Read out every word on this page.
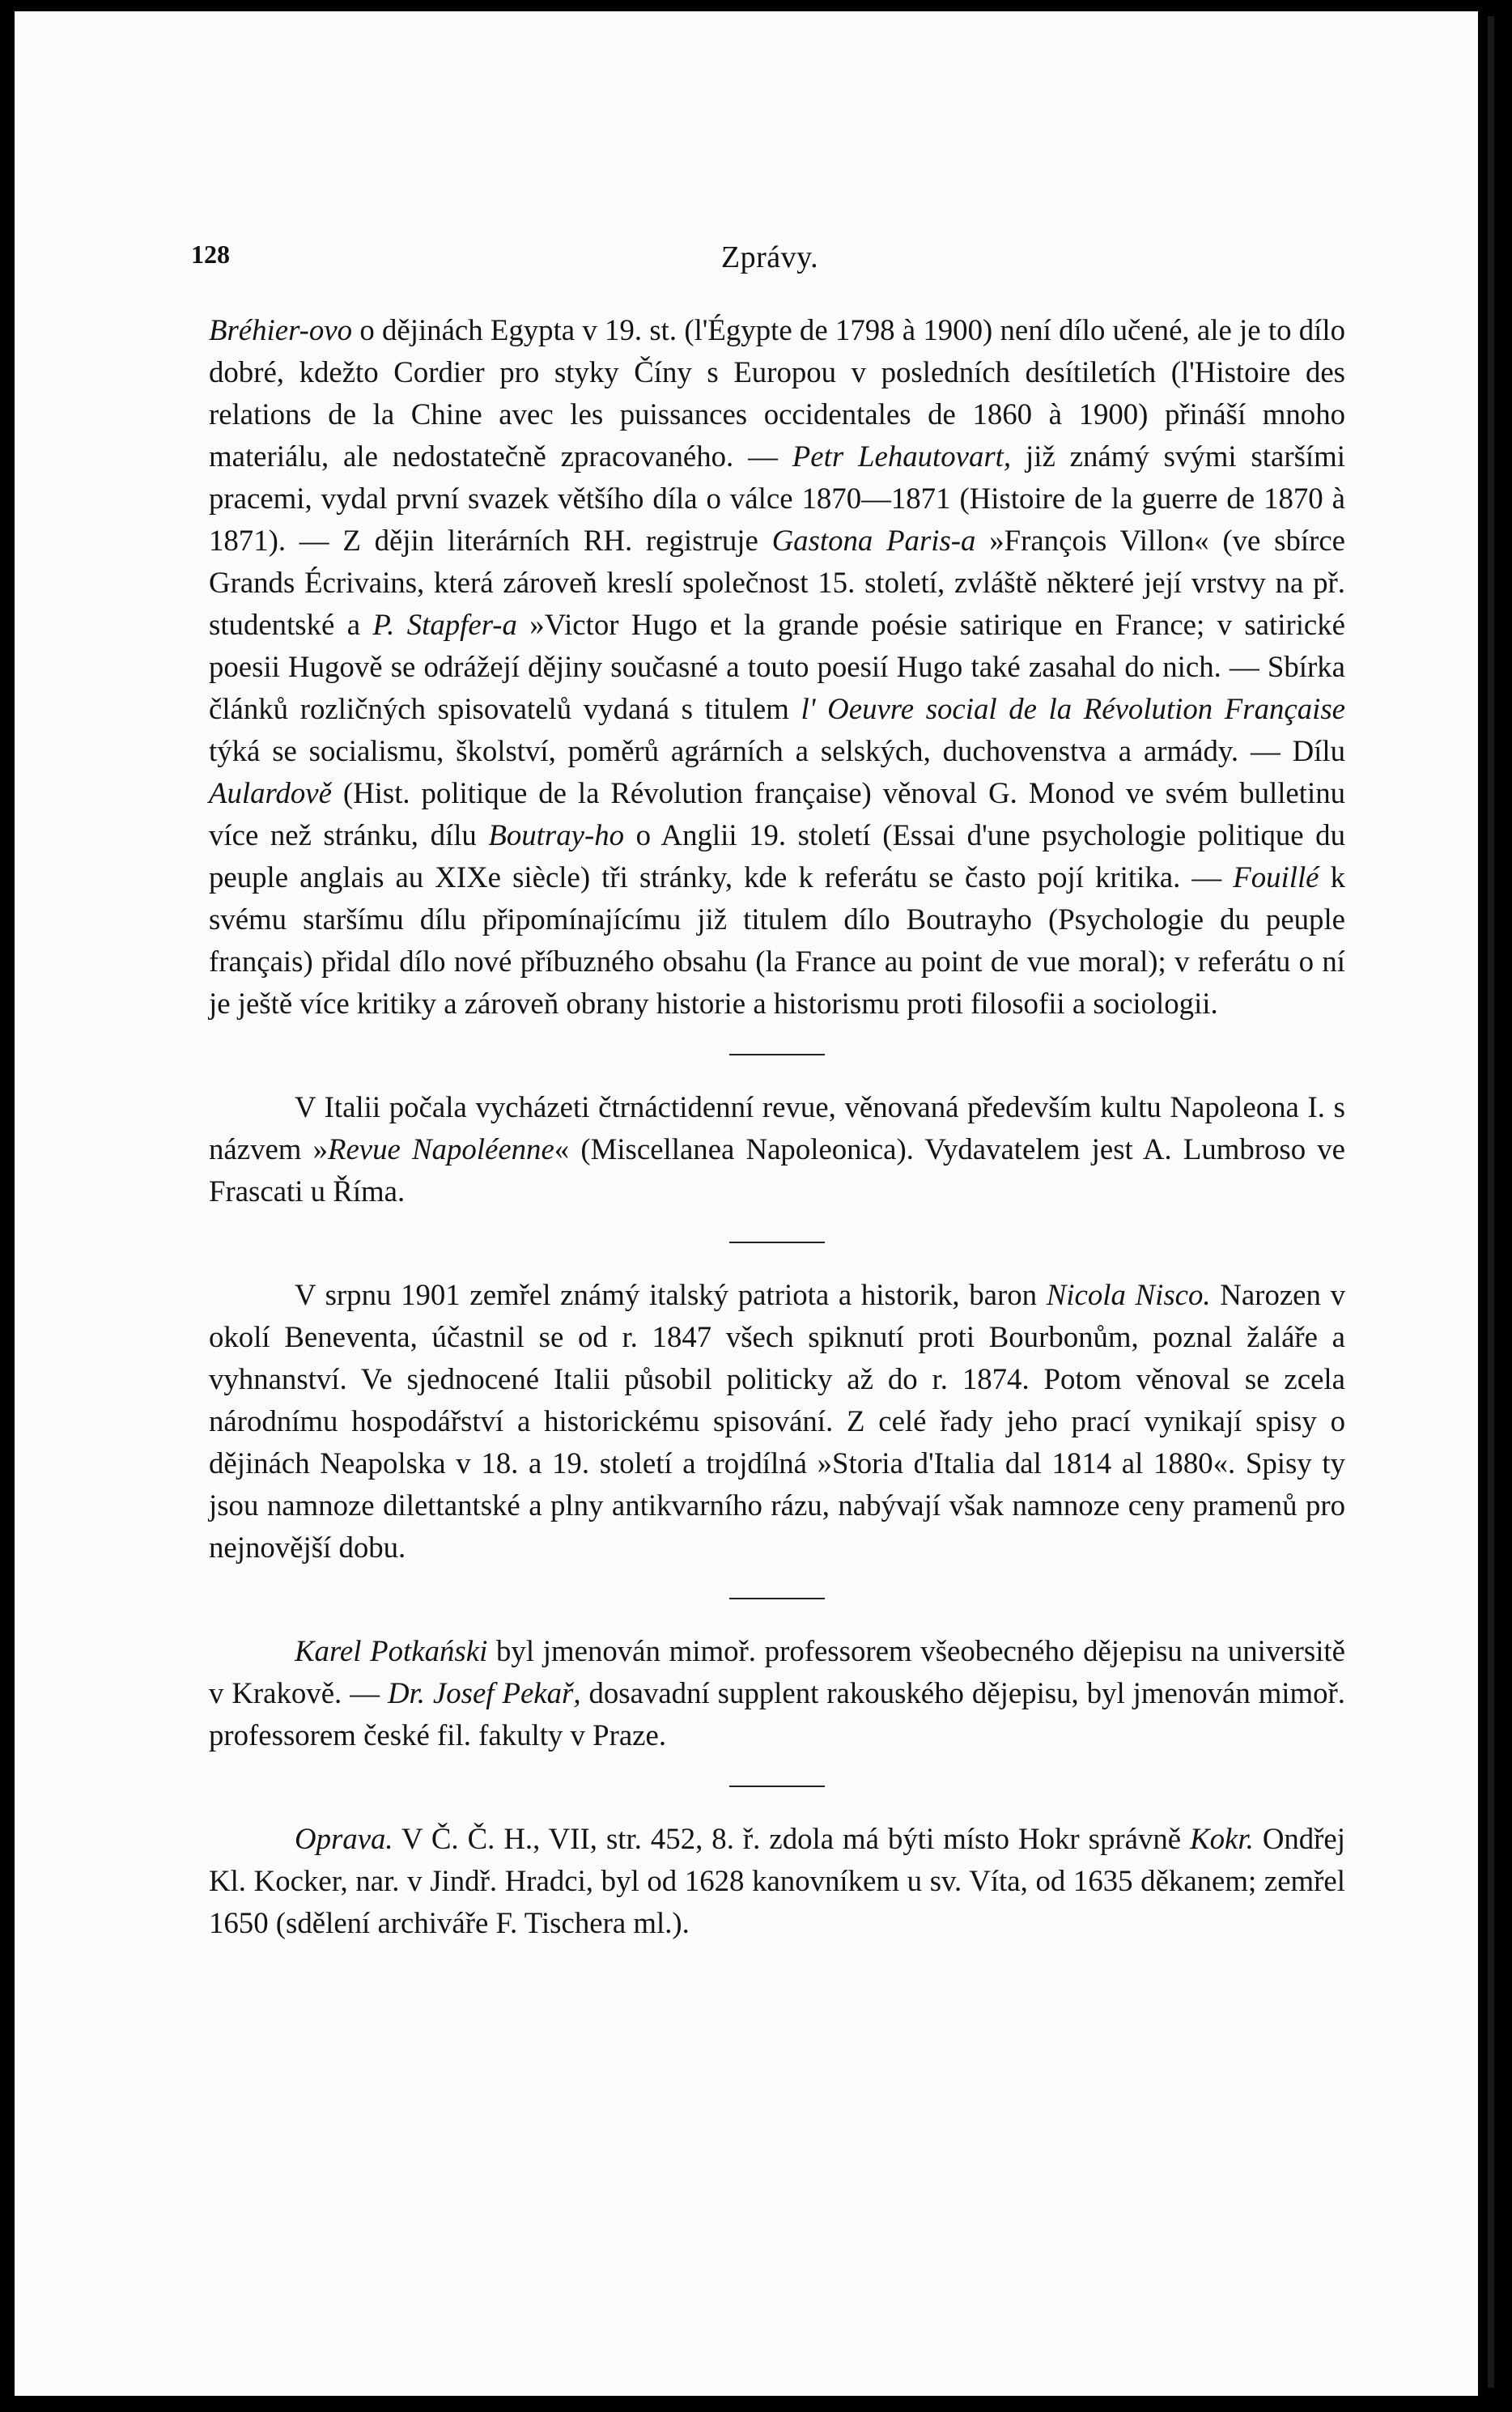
128	Zprávy.

Bréhier-ovo o dějinách Egypta v 19. st. (l'Égypte de 1798 à 1900) není dílo učené, ale je to dílo dobré, kdežto Cordier pro styky Číny s Europou v posledních desítiletích (l'Histoire des relations de la Chine avec les puissances occidentales de 1860 à 1900) přináší mnoho materiálu, ale nedostatečně zpracovaného. — Petr Lehautovart, již známý svými staršími pracemi, vydal první svazek většího díla o válce 1870—1871 (Histoire de la guerre de 1870 à 1871). — Z dějin literárních RH. registruje Gastona Paris-a »François Villon« (ve sbírce Grands Écrivains, která zároveň kreslí společnost 15. století, zvláště některé její vrstvy na př. studentské a P. Stapfer-a »Victor Hugo et la grande poésie satirique en France; v satirické poesii Hugově se odrážejí dějiny současné a touto poesií Hugo také zasahal do nich. — Sbírka článků rozličných spisovatelů vydaná s titulem l' Oeuvre social de la Révolution Française týká se socialismu, školství, poměrů agrárních a selských, duchovenstva a armády. — Dílu Aulardově (Hist. politique de la Révolution française) věnoval G. Monod ve svém bulletinu více než stránku, dílu Boutray-ho o Anglii 19. století (Essai d'une psychologie politique du peuple anglais au XIXe siècle) tři stránky, kde k referátu se často pojí kritika. — Fouillé k svému staršímu dílu připomínajícímu již titulem dílo Boutrayho (Psychologie du peuple français) přidal dílo nové příbuzného obsahu (la France au point de vue moral); v referátu o ní je ještě více kritiky a zároveň obrany historie a historismu proti filosofii a sociologii.

V Italii počala vycházeti čtrnáctidenní revue, věnovaná především kultu Napoleona I. s názvem »Revue Napoléenne« (Miscellanea Napoleonica). Vydavatelem jest A. Lumbroso ve Frascati u Říma.

V srpnu 1901 zemřel známý italský patriota a historik, baron Nicola Nisco. Narozen v okolí Beneventa, účastnil se od r. 1847 všech spiknutí proti Bourbonům, poznal žaláře a vyhnanství. Ve sjednocené Italii působil politicky až do r. 1874. Potom věnoval se zcela národnímu hospodářství a historickému spisování. Z celé řady jeho prací vynikají spisy o dějinách Neapolska v 18. a 19. století a trojdílná »Storia d'Italia dal 1814 al 1880«. Spisy ty jsou namnoze dilettantské a plny antikvarního rázu, nabývají však namnoze ceny pramenů pro nejnovější dobu.

Karel Potkański byl jmenován mimoř. professorem všeobecného dějepisu na universitě v Krakově. — Dr. Josef Pekař, dosavadní supplent rakouského dějepisu, byl jmenován mimoř. professorem české fil. fakulty v Praze.

Oprava. V Č. Č. H., VII, str. 452, 8. ř. zdola má býti místo Hokr správně Kokr. Ondřej Kl. Kocker, nar. v Jindř. Hradci, byl od 1628 kanovníkem u sv. Víta, od 1635 děkanem; zemřel 1650 (sdělení archiváře F. Tischera ml.).
